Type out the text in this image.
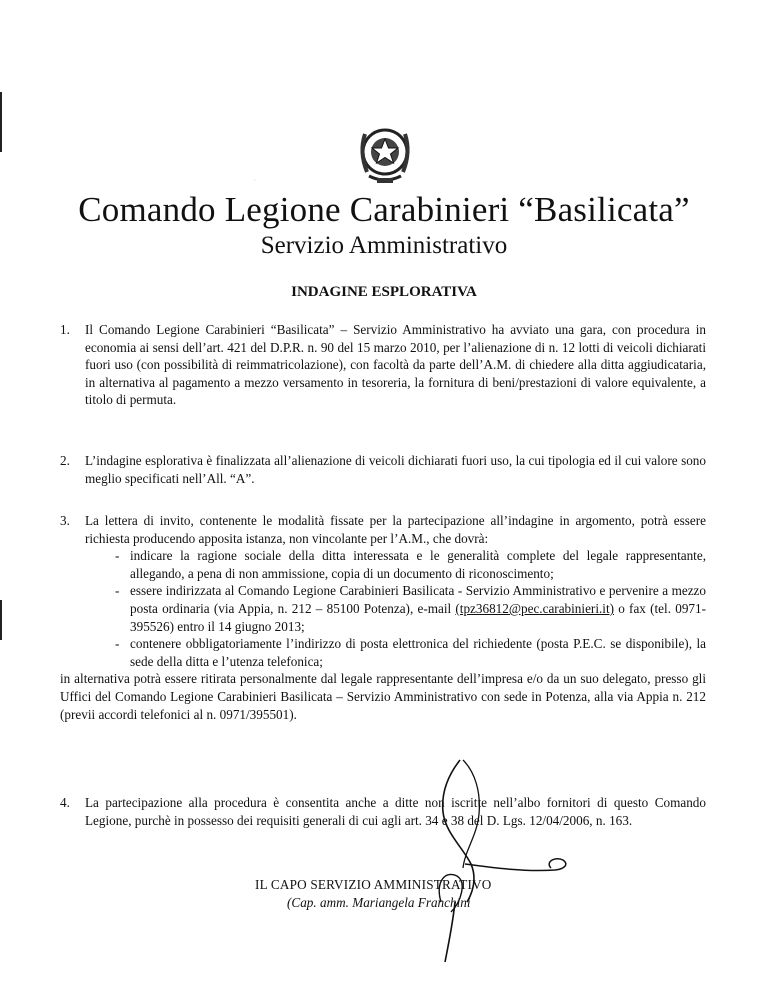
·
Comando Legione Carabinieri “Basilicata”
Servizio Amministrativo
INDAGINE ESPLORATIVA
1. Il Comando Legione Carabinieri “Basilicata” – Servizio Amministrativo ha avviato una gara, con procedura in economia ai sensi dell’art. 421 del D.P.R. n. 90 del 15 marzo 2010, per l’alienazione di n. 12 lotti di veicoli dichiarati fuori uso (con possibilità di reimmatricolazione), con facoltà da parte dell’A.M. di chiedere alla ditta aggiudicataria, in alternativa al pagamento a mezzo versamento in tesoreria, la fornitura di beni/prestazioni di valore equivalente, a titolo di permuta.
2. L’indagine esplorativa è finalizzata all’alienazione di veicoli dichiarati fuori uso, la cui tipologia ed il cui valore sono meglio specificati nell’All. “A”.
3. La lettera di invito, contenente le modalità fissate per la partecipazione all’indagine in argomento, potrà essere richiesta producendo apposita istanza, non vincolante per l’A.M., che dovrà:
- indicare la ragione sociale della ditta interessata e le generalità complete del legale rappresentante, allegando, a pena di non ammissione, copia di un documento di riconoscimento;
- essere indirizzata al Comando Legione Carabinieri Basilicata - Servizio Amministrativo e pervenire a mezzo posta ordinaria (via Appia, n. 212 – 85100 Potenza), e-mail (tpz36812@pec.carabinieri.it) o fax (tel. 0971-395526) entro il 14 giugno 2013;
- contenere obbligatoriamente l’indirizzo di posta elettronica del richiedente (posta P.E.C. se disponibile), la sede della ditta e l’utenza telefonica;
in alternativa potrà essere ritirata personalmente dal legale rappresentante dell’impresa e/o da un suo delegato, presso gli Uffici del Comando Legione Carabinieri Basilicata – Servizio Amministrativo con sede in Potenza, alla via Appia n. 212 (previi accordi telefonici al n. 0971/395501).
4. La partecipazione alla procedura è consentita anche a ditte non iscritte nell’albo fornitori di questo Comando Legione, purchè in possesso dei requisiti generali di cui agli art. 34 e 38 del D. Lgs. 12/04/2006, n. 163.
IL CAPO SERVIZIO AMMINISTRATIVO
(Cap. amm. Mariangela Franchini
